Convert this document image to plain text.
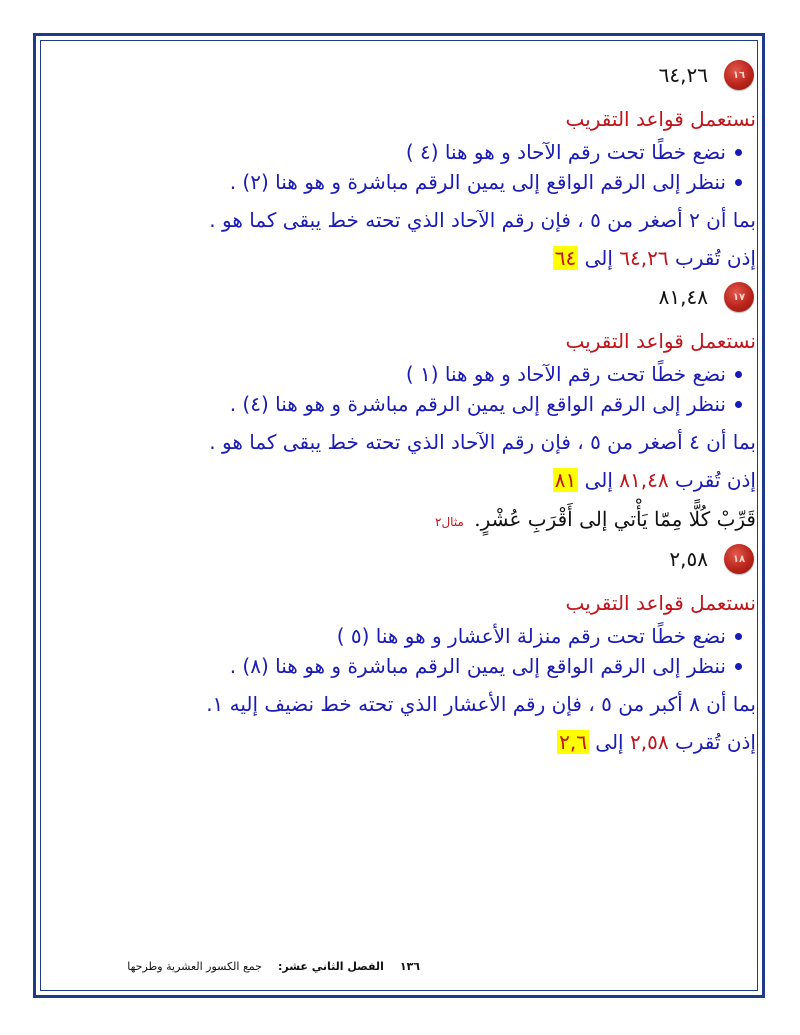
١٦
٦٤,٢٦
نستعمل قواعد التقريب
نضع خطًا تحت رقم الآحاد و هو هنا (٤ )
ننظر إلى الرقم الواقع إلى يمين الرقم مباشرة و هو هنا (٢) .
بما أن ٢ أصغر من ٥ ، فإن رقم الآحاد الذي تحته خط يبقى كما هو .
إذن تُقرب ٦٤,٢٦ إلى ٦٤
١٧
٨١,٤٨
نستعمل قواعد التقريب
نضع خطًا تحت رقم الآحاد و هو هنا (١ )
ننظر إلى الرقم الواقع إلى يمين الرقم مباشرة و هو هنا (٤) .
بما أن ٤ أصغر من ٥ ، فإن رقم الآحاد الذي تحته خط يبقى كما هو .
إذن تُقرب ٨١,٤٨ إلى ٨١
قَرِّبْ كُلًّا مِمّا يَأْتي إلى أَقْرَبِ عُشْرٍ. مثال٢
١٨
٢,٥٨
نستعمل قواعد التقريب
نضع خطًا تحت رقم منزلة الأعشار و هو هنا (٥ )
ننظر إلى الرقم الواقع إلى يمين الرقم مباشرة و هو هنا (٨) .
بما أن ٨ أكبر من ٥ ، فإن رقم الأعشار الذي تحته خط نضيف إليه ١.
إذن تُقرب ٢,٥٨ إلى ٢,٦
١٣٦
الفصل الثاني عشر:
جمع الكسور العشرية وطرحها
